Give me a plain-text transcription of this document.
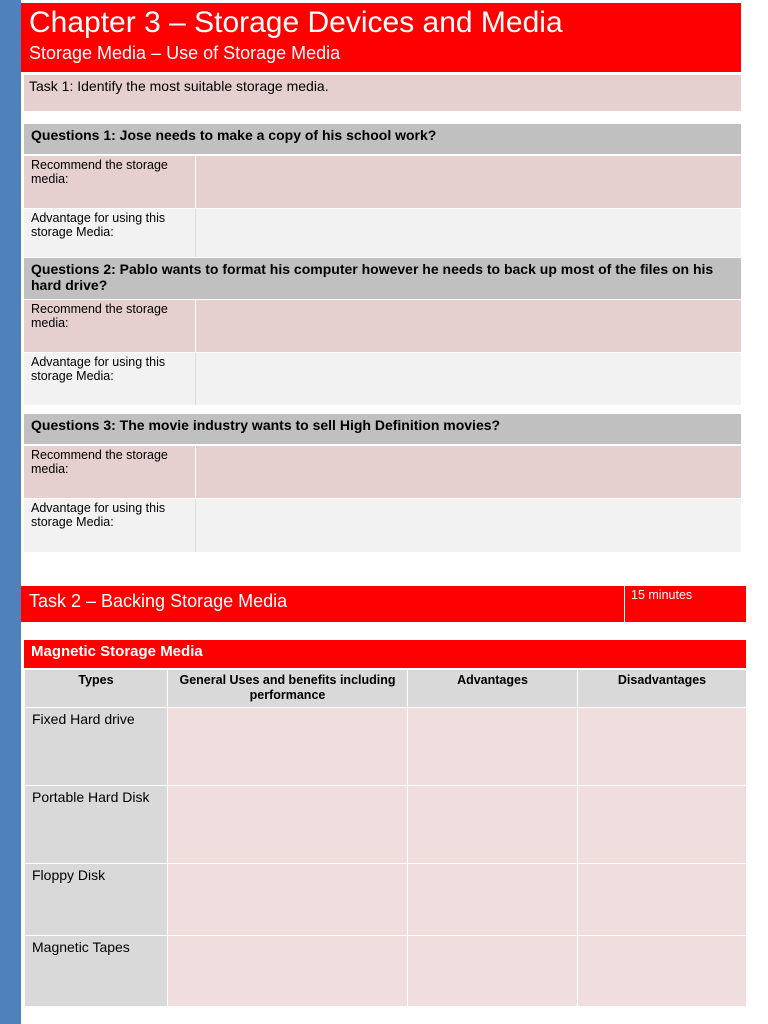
Chapter 3 – Storage Devices and Media
Storage Media – Use of Storage Media
Task 1: Identify the most suitable storage media.
Questions 1: Jose needs to make a copy of his school work?
Recommend the storage media:
Advantage for using this storage Media:
Questions 2: Pablo wants to format his computer however he needs to back up most of the files on his hard drive?
Recommend the storage media:
Advantage for using this storage Media:
Questions 3: The movie industry wants to sell High Definition movies?
Recommend the storage media:
Advantage for using this storage Media:
Task 2 – Backing Storage Media	15 minutes
Magnetic Storage Media
Types	General Uses and benefits including performance	Advantages	Disadvantages
Fixed Hard drive			
Portable Hard Disk			
Floppy Disk			
Magnetic Tapes			
